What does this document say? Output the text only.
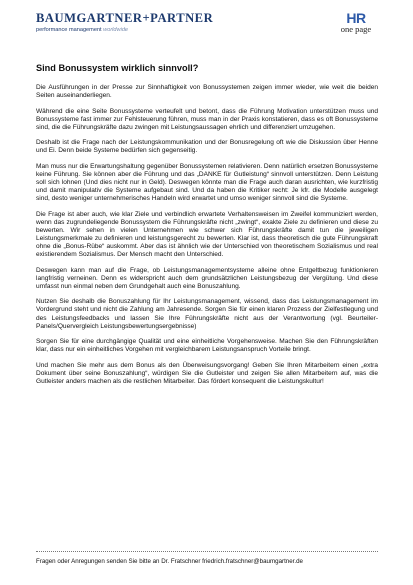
BAUMGARTNER+PARTNER
performance management worldwide
HR
one page
Sind Bonussystem wirklich sinnvoll?

Die Ausführungen in der Presse zur Sinnhaftigkeit von Bonussystemen zeigen immer wieder, wie weit die beiden Seiten auseinanderliegen.

Während die eine Seite Bonussysteme verteufelt und betont, dass die Führung Motivation unterstützen muss und Bonussysteme fast immer zur Fehlsteuerung führen, muss man in der Praxis konstatieren, dass es oft Bonussysteme sind, die die Führungskräfte dazu zwingen mit Leistungsaussagen ehrlich und differenziert umzugehen.

Deshalb ist die Frage nach der Leistungskommunikation und der Bonusregelung oft wie die Diskussion über Henne und Ei. Denn beide Systeme bedürfen sich gegenseitig.

Man muss nur die Erwartungshaltung gegenüber Bonussystemen relativieren. Denn natürlich ersetzen Bonussysteme keine Führung. Sie können aber die Führung und das „DANKE für Gutleistung“ sinnvoll unterstützen. Denn Leistung soll sich lohnen (Und dies nicht nur in Geld). Deswegen könnte man die Frage auch daran ausrichten, wie kurzfristig und damit manipulativ die Systeme aufgebaut sind. Und da haben die Kritiker recht: Je kfr. die Modelle ausgelegt sind, desto weniger unternehmerisches Handeln wird erwartet und umso weniger sinnvoll sind die Systeme.

Die Frage ist aber auch, wie klar Ziele und verbindlich erwartete Verhaltensweisen im Zweifel kommuniziert werden, wenn das zugrundeliegende Bonussystem die Führungskräfte nicht „zwingt“, exakte Ziele zu definieren und diese zu bewerten. Wir sehen in vielen Unternehmen wie schwer sich Führungskräfte damit tun die jeweiligen Leistungsmerkmale zu definieren und leistungsgerecht zu bewerten. Klar ist, dass theoretisch die gute Führungskraft ohne die „Bonus-Rübe“ auskommt. Aber das ist ähnlich wie der Unterschied von theoretischem Sozialismus und real existierendem Sozialismus. Der Mensch macht den Unterschied.

Deswegen kann man auf die Frage, ob Leistungsmanagementsysteme alleine ohne Entgeltbezug funktionieren langfristig verneinen. Denn es widerspricht auch dem grundsätzlichen Leistungsbezug der Vergütung. Und diese umfasst nun einmal neben dem Grundgehalt auch eine Bonuszahlung.

Nutzen Sie deshalb die Bonuszahlung für Ihr Leistungsmanagement, wissend, dass das Leistungsmanagement im Vordergrund steht und nicht die Zahlung am Jahresende. Sorgen Sie für einen klaren Prozess der Zielfestlegung und des Leistungsfeedbacks und lassen Sie Ihre Führungskräfte nicht aus der Verantwortung (vgl. Beurteiler-Panels/Quervergleich Leistungsbewertungsergebnisse)

Sorgen Sie für eine durchgängige Qualität und eine einheitliche Vorgehensweise. Machen Sie den Führungskräften klar, dass nur ein einheitliches Vorgehen mit vergleichbarem Leistungsanspruch Vorteile bringt.

Und machen Sie mehr aus dem Bonus als den Überweisungsvorgang! Geben Sie Ihren Mitarbeitern einen „extra Dokument über seine Bonuszahlung“, würdigen Sie die Gutleister und zeigen Sie allen Mitarbeitern auf, was die Gutleister anders machen als die restlichen Mitarbeiter. Das fördert konsequent die Leistungskultur!

Fragen oder Anregungen senden Sie bitte an Dr. Fratschner friedrich.fratschner@baumgartner.de
